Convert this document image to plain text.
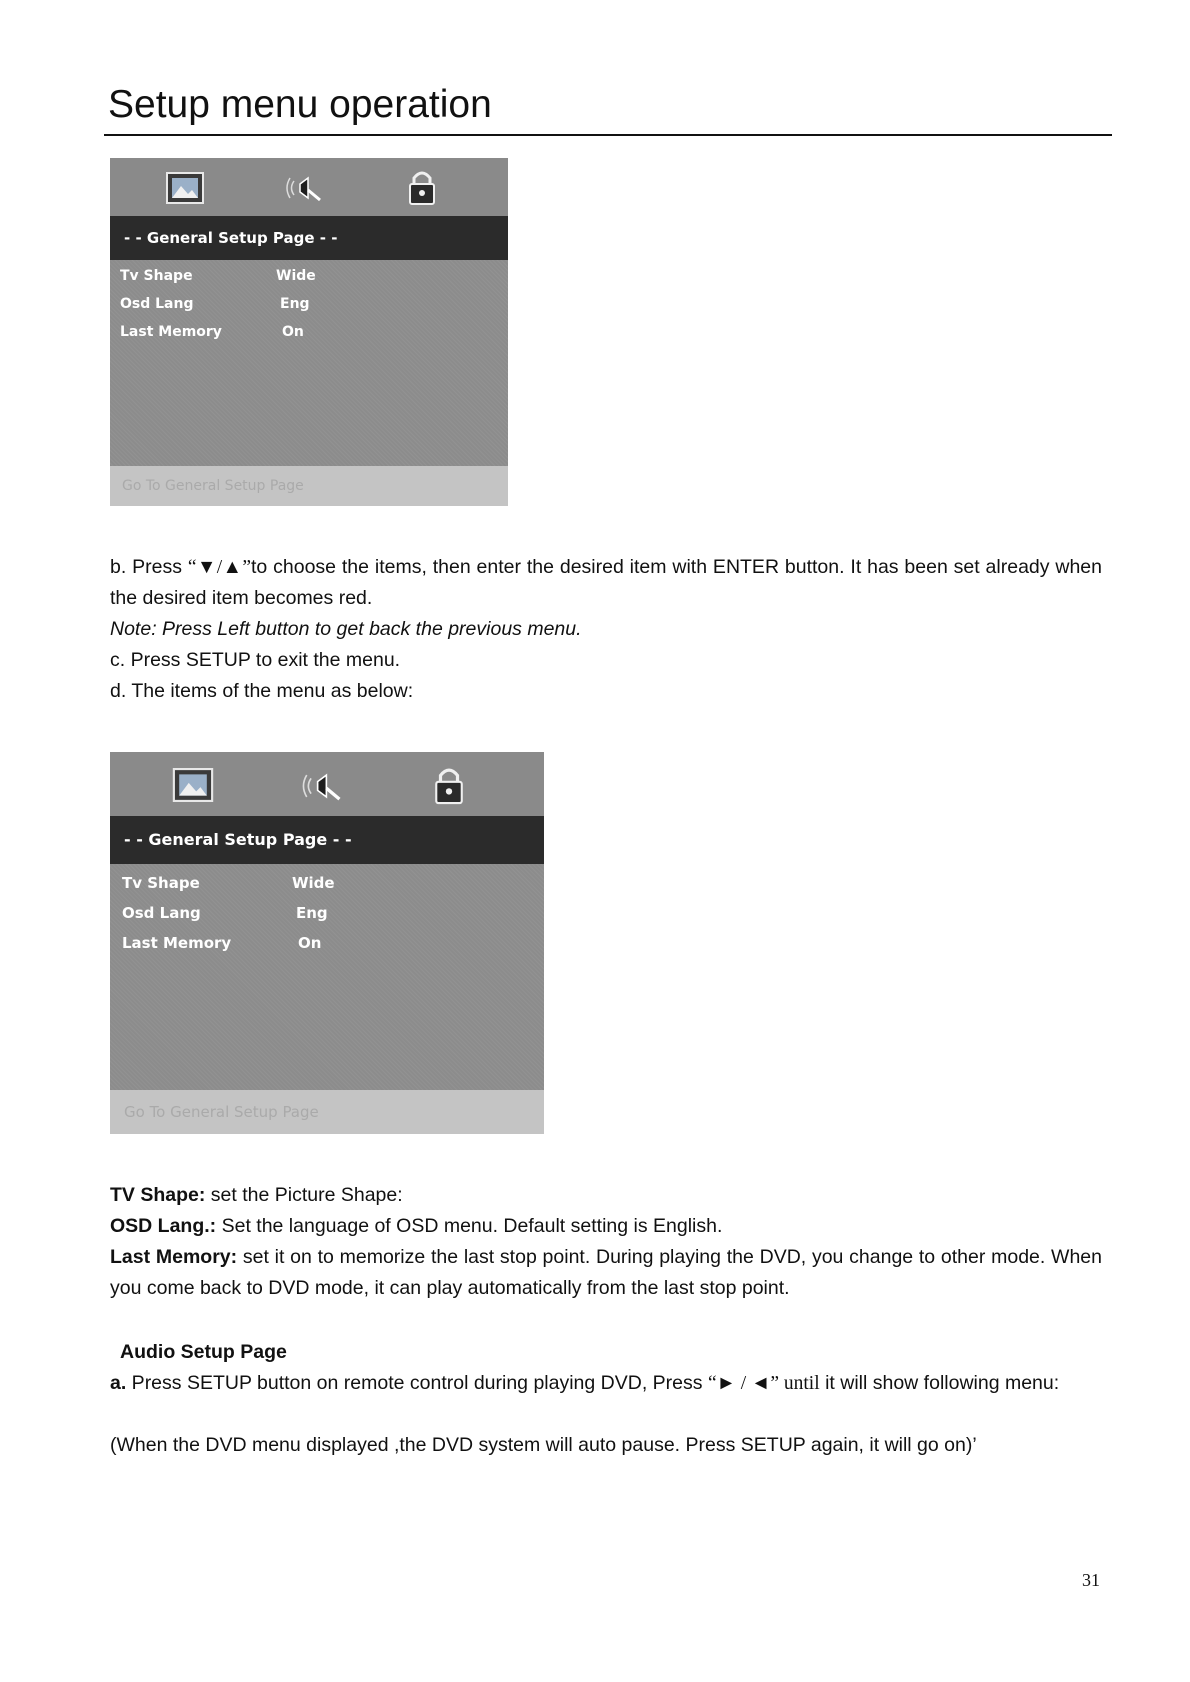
Setup menu operation
- - General Setup Page - -
Tv Shape	Wide
Osd Lang	Eng
Last Memory	On
Go To General Setup Page

b. Press “▼/▲”to choose the items, then enter the desired item with ENTER button. It has been set already when the desired item becomes red.

Note: Press Left button to get back the previous menu.

c. Press SETUP to exit the menu.

d. The items of the menu as below:

- - General Setup Page - -
Tv Shape	Wide
Osd Lang	Eng
Last Memory	On
Go To General Setup Page

TV Shape: set the Picture Shape:

OSD Lang.: Set the language of OSD menu. Default setting is English.

Last Memory: set it on to memorize the last stop point. During playing the DVD, you change to other mode. When you come back to DVD mode, it can play automatically from the last stop point.

Audio Setup Page

a. Press SETUP button on remote control during playing DVD, Press “► / ◄” until it will show following menu:

(When the DVD menu displayed ,the DVD system will auto pause. Press SETUP again, it will go on)’

31
